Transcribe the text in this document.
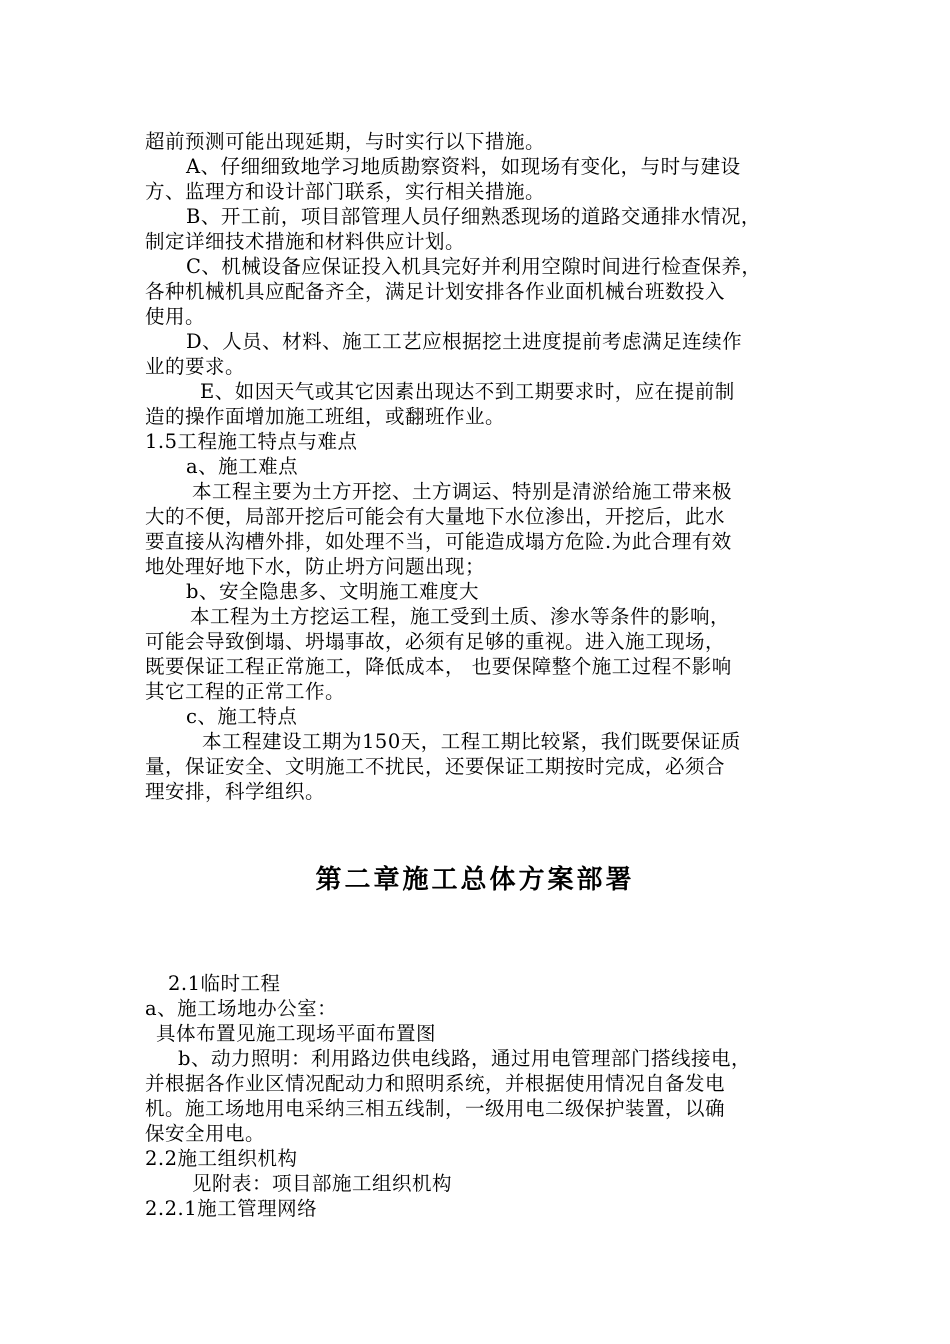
超前预测可能出现延期，与时实行以下措施。
A、仔细细致地学习地质勘察资料，如现场有变化，与时与建设
方、监理方和设计部门联系，实行相关措施。
B、开工前，项目部管理人员仔细熟悉现场的道路交通排水情况，
制定详细技术措施和材料供应计划。
C、机械设备应保证投入机具完好并利用空隙时间进行检查保养，
各种机械机具应配备齐全，满足计划安排各作业面机械台班数投入
使用。
D、人员、材料、施工工艺应根据挖土进度提前考虑满足连续作
业的要求。
E、如因天气或其它因素出现达不到工期要求时，应在提前制
造的操作面增加施工班组，或翻班作业。
1.5工程施工特点与难点
a、施工难点
本工程主要为土方开挖、土方调运、特别是清淤给施工带来极
大的不便，局部开挖后可能会有大量地下水位渗出，开挖后，此水
要直接从沟槽外排，如处理不当，可能造成塌方危险.为此合理有效
地处理好地下水，防止坍方问题出现；
b、安全隐患多、文明施工难度大
本工程为土方挖运工程，施工受到土质、渗水等条件的影响，
可能会导致倒塌、坍塌事故，必须有足够的重视。进入施工现场，
既要保证工程正常施工，降低成本， 也要保障整个施工过程不影响
其它工程的正常工作。
c、施工特点
本工程建设工期为150天，工程工期比较紧，我们既要保证质
量，保证安全、文明施工不扰民，还要保证工期按时完成，必须合
理安排，科学组织。
第二章施工总体方案部署
2.1临时工程
a、施工场地办公室：
具体布置见施工现场平面布置图
b、动力照明：利用路边供电线路，通过用电管理部门搭线接电，
并根据各作业区情况配动力和照明系统，并根据使用情况自备发电
机。施工场地用电采纳三相五线制，一级用电二级保护装置，以确
保安全用电。
2.2施工组织机构
见附表：项目部施工组织机构
2.2.1施工管理网络
